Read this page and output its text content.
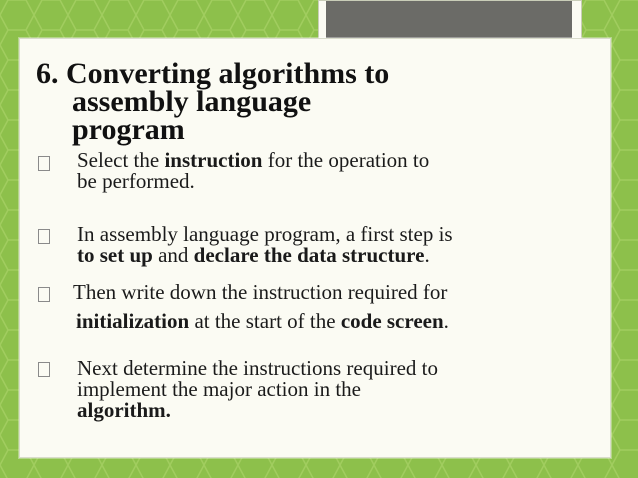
6. Converting algorithms to
assembly language
program
Select the instruction for the operation to
be performed.
In assembly language program, a first step is
to set up and declare the data structure.
Then write down the instruction required for
initialization at the start of the code screen.
Next determine the instructions required to
implement the major action in the
algorithm.
